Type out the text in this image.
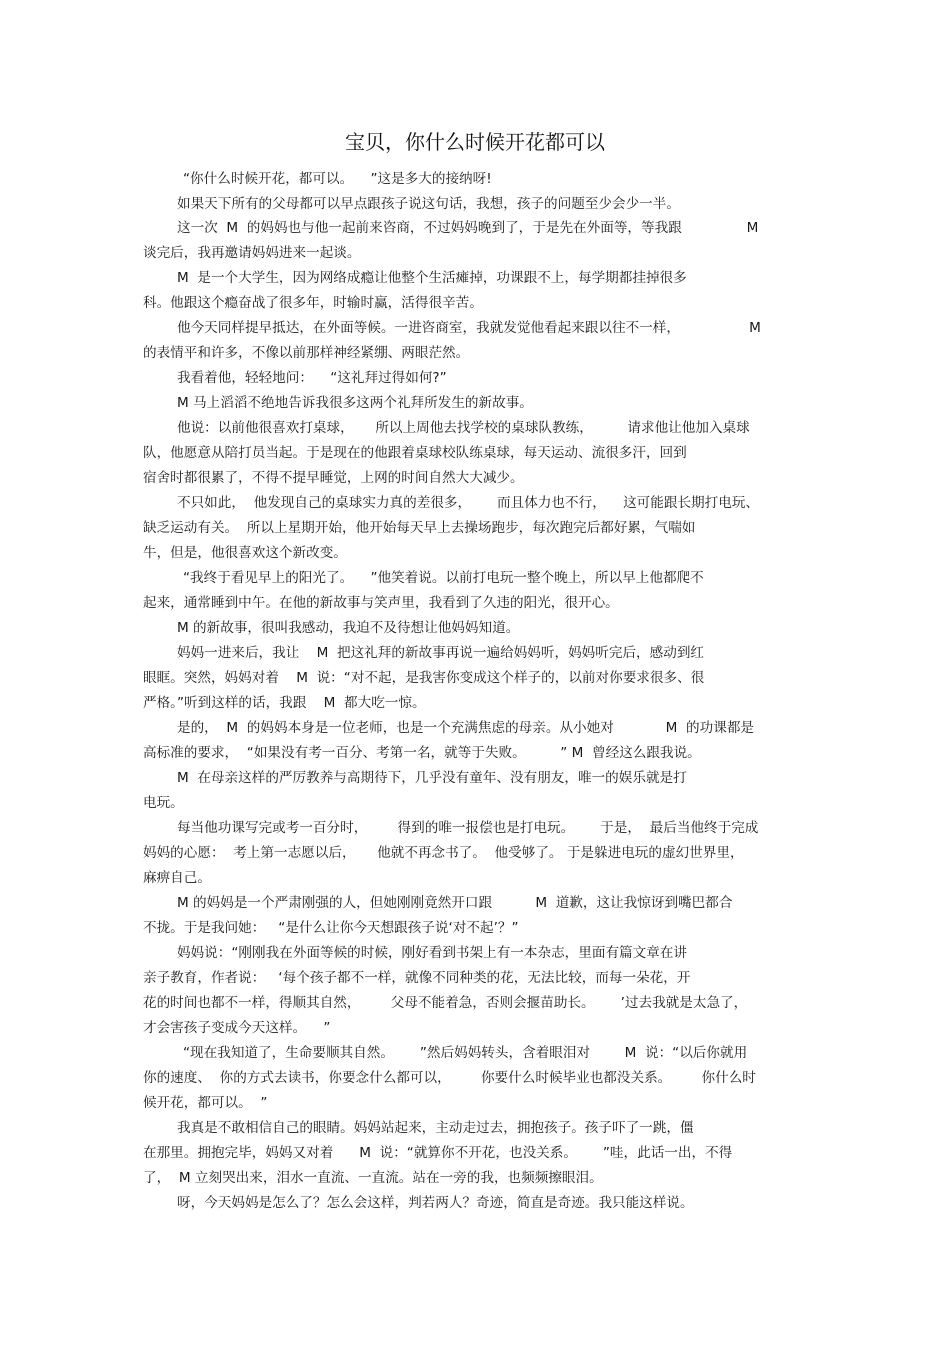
宝贝，你什么时候开花都可以
“你什么时候开花，都可以。    ”这是多大的接纳呀!
如果天下所有的父母都可以早点跟孩子说这句话，我想，孩子的问题至少会少一半。
这一次  M  的妈妈也与他一起前来咨商，不过妈妈晚到了，于是先在外面等，等我跟               M
谈完后，我再邀请妈妈进来一起谈。
M  是一个大学生，因为网络成瘾让他整个生活瘫掉，功课跟不上，每学期都挂掉很多
科。他跟这个瘾奋战了很多年，时输时赢，活得很辛苦。
他今天同样提早抵达，在外面等候。一进咨商室，我就发觉他看起来跟以往不一样，                M
的表情平和许多，不像以前那样神经紧绷、两眼茫然。
我看着他，轻轻地问：    “这礼拜过得如何?”
M 马上滔滔不绝地告诉我很多这两个礼拜所发生的新故事。
他说：以前他很喜欢打桌球，     所以上周他去找学校的桌球队教练，        请求他让他加入桌球
队，他愿意从陪打员当起。于是现在的他跟着桌球校队练桌球，每天运动、流很多汗，回到
宿舍时都很累了，不得不提早睡觉，上网的时间自然大大减少。
不只如此，  他发现自己的桌球实力真的差很多，      而且体力也不行，    这可能跟长期打电玩、
缺乏运动有关。  所以上星期开始，他开始每天早上去操场跑步，每次跑完后都好累，气喘如
牛，但是，他很喜欢这个新改变。
“我终于看见早上的阳光了。    ”他笑着说。以前打电玩一整个晚上，所以早上他都爬不
起来，通常睡到中午。在他的新故事与笑声里，我看到了久违的阳光，很开心。
M 的新故事，很叫我感动，我迫不及待想让他妈妈知道。
妈妈一进来后，我让    M  把这礼拜的新故事再说一遍给妈妈听，妈妈听完后，感动到红
眼眶。突然，妈妈对着    M  说：“对不起，是我害你变成这个样子的，以前对你要求很多、很
严格。”听到这样的话，我跟    M  都大吃一惊。
是的，  M  的妈妈本身是一位老师，也是一个充满焦虑的母亲。从小她对            M  的功课都是
高标准的要求，  “如果没有考一百分、考第一名，就等于失败。        ” M  曾经这么跟我说。
M  在母亲这样的严厉教养与高期待下，几乎没有童年、没有朋友，唯一的娱乐就是打
电玩。
每当他功课写完或考一百分时，       得到的唯一报偿也是打电玩。      于是，  最后当他终于完成
妈妈的心愿：  考上第一志愿以后，     他就不再念书了。  他受够了。 于是躲进电玩的虚幻世界里，
麻痹自己。
M 的妈妈是一个严肃刚强的人，但她刚刚竟然开口跟          M  道歉，这让我惊讶到嘴巴都合
不拢。于是我问她：   “是什么让你今天想跟孩子说‘对不起’？”
妈妈说：“刚刚我在外面等候的时候，刚好看到书架上有一本杂志，里面有篇文章在讲
亲子教育，作者说：   ‘每个孩子都不一样，就像不同种类的花，无法比较，而每一朵花，开
花的时间也都不一样，得顺其自然，       父母不能着急，否则会揠苗助长。      ’过去我就是太急了，
才会害孩子变成今天这样。    ”
“现在我知道了，生命要顺其自然。      ”然后妈妈转头，含着眼泪对        M  说：“以后你就用
你的速度、  你的方式去读书，你要念什么都可以，       你要什么时候毕业也都没关系。       你什么时
候开花，都可以。  ”
我真是不敢相信自己的眼睛。妈妈站起来，主动走过去，拥抱孩子。孩子吓了一跳，僵
在那里。拥抱完毕，妈妈又对着      M  说：“就算你不开花，也没关系。      ”哇，此话一出，不得
了，  M 立刻哭出来，泪水一直流、一直流。站在一旁的我，也频频擦眼泪。
呀，今天妈妈是怎么了？怎么会这样，判若两人？奇迹，简直是奇迹。我只能这样说。
